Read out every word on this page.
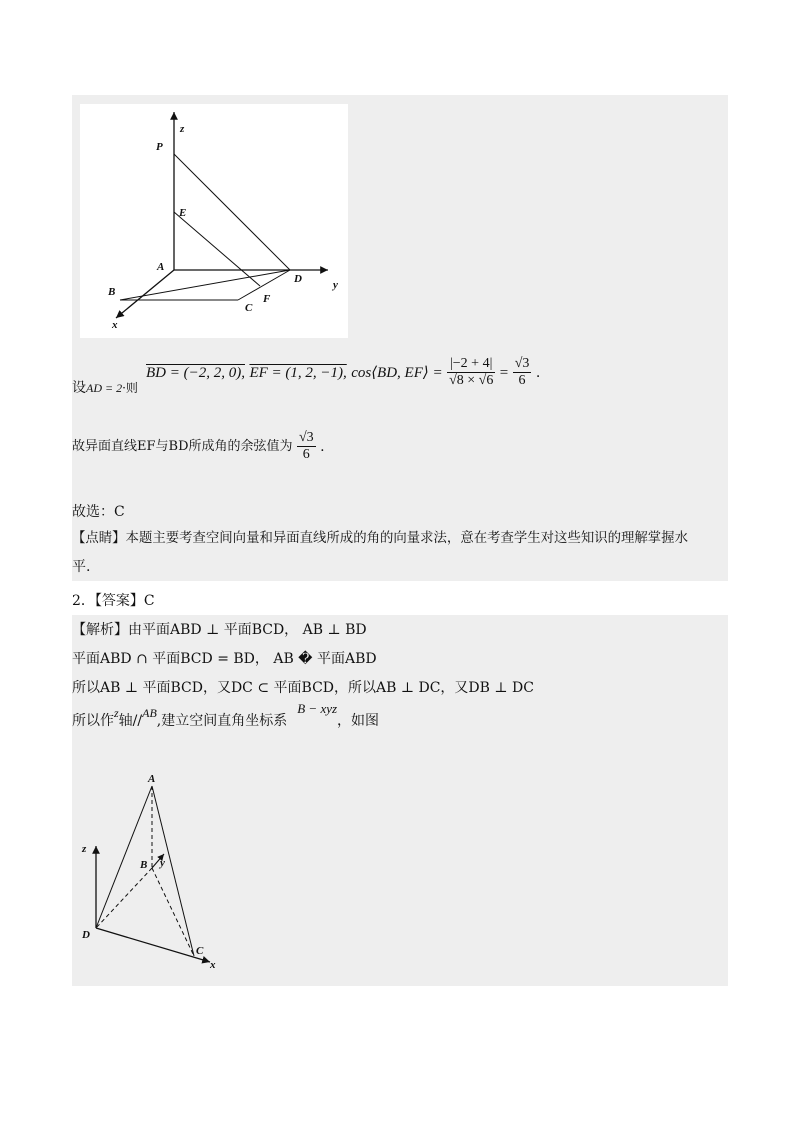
z
P
E
A
D	y
B
C
F
x
设AD = 2·则
BD = (−2, 2, 0), EF = (1, 2, −1), cos⟨BD, EF⟩ = $\frac{|-2 + 4|}{√8 \times √6} = \frac{√3}{6}$ .
故异面直线EF与BD所成角的余弦值为 $\frac{√3}{6}$ .
故选：C
【点睛】本题主要考查空间向量和异面直线所成的角的向量求法，意在考查学生对这些知识的理解掌握水
平.
2．【答案】C
【解析】由平面ABD ⊥ 平面BCD， AB ⊥ BD
平面ABD ∩ 平面BCD = BD， AB � 平面ABD
所以AB ⊥ 平面BCD，又DC ⊂ 平面BCD，所以AB ⊥ DC，又DB ⊥ DC
所以作z轴//AB,建立空间直角坐标系B − xyz，如图
A
z
B y
D
C
x
